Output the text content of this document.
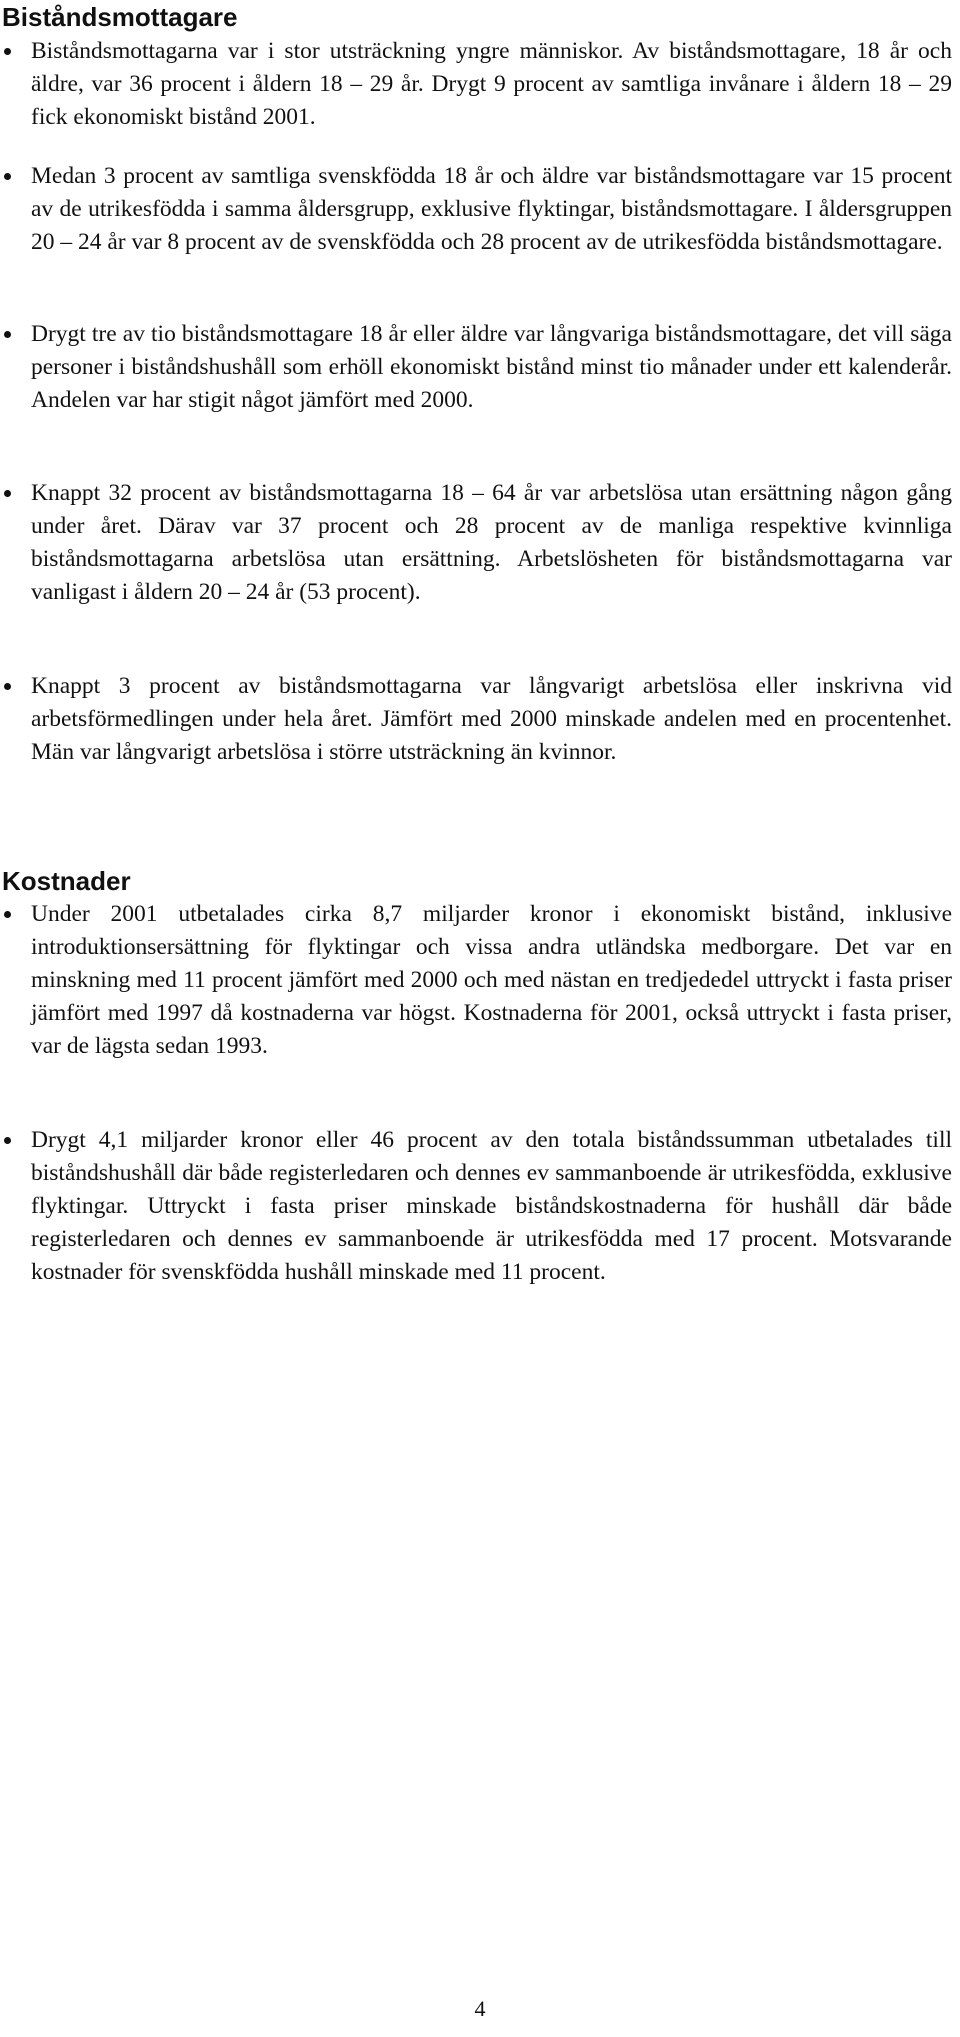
Biståndsmottagare

Biståndsmottagarna var i stor utsträckning yngre människor. Av biståndsmottagare, 18 år och äldre, var 36 procent i åldern 18 – 29 år. Drygt 9 procent av samtliga invånare i åldern 18 – 29 fick ekonomiskt bistånd 2001.

Medan 3 procent av samtliga svenskfödda 18 år och äldre var biståndsmottagare var 15 procent av de utrikesfödda i samma åldersgrupp, exklusive flyktingar, biståndsmottagare. I åldersgruppen 20 – 24 år var 8 procent av de svenskfödda och 28 procent av de utrikesfödda biståndsmottagare.

Drygt tre av tio biståndsmottagare 18 år eller äldre var långvariga biståndsmottagare, det vill säga personer i biståndshushåll som erhöll ekonomiskt bistånd minst tio månader under ett kalenderår. Andelen var har stigit något jämfört med 2000.

Knappt 32 procent av biståndsmottagarna 18 – 64 år var arbetslösa utan ersättning någon gång under året. Därav var 37 procent och 28 procent av de manliga respektive kvinnliga biståndsmottagarna arbetslösa utan ersättning. Arbetslösheten för biståndsmottagarna var vanligast i åldern 20 – 24 år (53 procent).

Knappt 3 procent av biståndsmottagarna var långvarigt arbetslösa eller inskrivna vid arbetsförmedlingen under hela året. Jämfört med 2000 minskade andelen med en procentenhet. Män var långvarigt arbetslösa i större utsträckning än kvinnor.

Kostnader

Under 2001 utbetalades cirka 8,7 miljarder kronor i ekonomiskt bistånd, inklusive introduktionsersättning för flyktingar och vissa andra utländska medborgare. Det var en minskning med 11 procent jämfört med 2000 och med nästan en tredjededel uttryckt i fasta priser jämfört med 1997 då kostnaderna var högst. Kostnaderna för 2001, också uttryckt i fasta priser, var de lägsta sedan 1993.

Drygt 4,1 miljarder kronor eller 46 procent av den totala biståndssumman utbetalades till biståndshushåll där både registerledaren och dennes ev sammanboende är utrikesfödda, exklusive flyktingar. Uttryckt i fasta priser minskade biståndskostnaderna för hushåll där både registerledaren och dennes ev sammanboende är utrikesfödda med 17 procent. Motsvarande kostnader för svenskfödda hushåll minskade med 11 procent.

4
